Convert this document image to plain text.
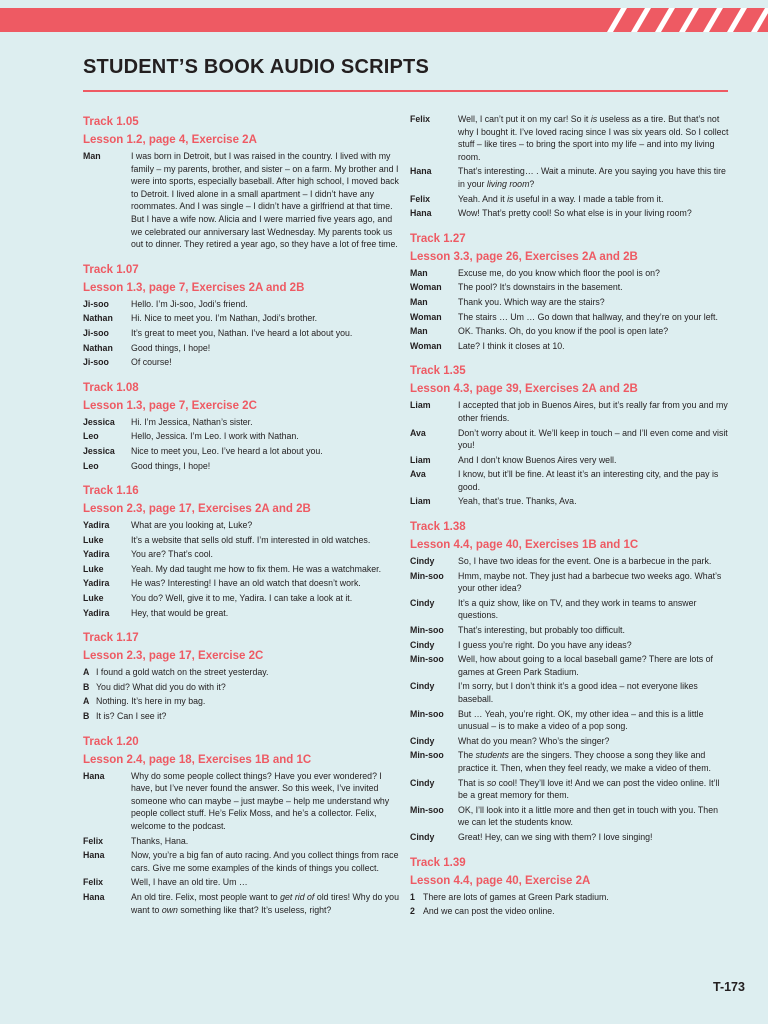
STUDENT’S BOOK AUDIO SCRIPTS
Track 1.05
Lesson 1.2, page 4, Exercise 2A
Man	I was born in Detroit, but I was raised in the country. I lived with my family – my parents, brother, and sister – on a farm. My brother and I were into sports, especially baseball. After high school, I moved back to Detroit. I lived alone in a small apartment – I didn’t have any roommates. And I was single – I didn’t have a girlfriend at that time. But I have a wife now. Alicia and I were married five years ago, and we celebrated our anniversary last Wednesday. My parents took us out to dinner. They retired a year ago, so they have a lot of free time.
Track 1.07
Lesson 1.3, page 7, Exercises 2A and 2B
Ji-soo	Hello. I’m Ji-soo, Jodi’s friend.
Nathan	Hi. Nice to meet you. I’m Nathan, Jodi’s brother.
Ji-soo	It’s great to meet you, Nathan. I’ve heard a lot about you.
Nathan	Good things, I hope!
Ji-soo	Of course!
Track 1.08
Lesson 1.3, page 7, Exercise 2C
Jessica	Hi. I’m Jessica, Nathan’s sister.
Leo	Hello, Jessica. I’m Leo. I work with Nathan.
Jessica	Nice to meet you, Leo. I’ve heard a lot about you.
Leo	Good things, I hope!
Track 1.16
Lesson 2.3, page 17, Exercises 2A and 2B
Yadira	What are you looking at, Luke?
Luke	It’s a website that sells old stuff. I’m interested in old watches.
Yadira	You are? That’s cool.
Luke	Yeah. My dad taught me how to fix them. He was a watchmaker.
Yadira	He was? Interesting! I have an old watch that doesn’t work.
Luke	You do? Well, give it to me, Yadira. I can take a look at it.
Yadira	Hey, that would be great.
Track 1.17
Lesson 2.3, page 17, Exercise 2C
A I found a gold watch on the street yesterday.
B You did? What did you do with it?
A Nothing. It’s here in my bag.
B It is? Can I see it?
Track 1.20
Lesson 2.4, page 18, Exercises 1B and 1C
Hana	Why do some people collect things? Have you ever wondered? I have, but I’ve never found the answer. So this week, I’ve invited someone who can maybe – just maybe – help me understand why people collect stuff. He’s Felix Moss, and he’s a collector. Felix, welcome to the podcast.
Felix	Thanks, Hana.
Hana	Now, you’re a big fan of auto racing. And you collect things from race cars. Give me some examples of the kinds of things you collect.
Felix	Well, I have an old tire. Um …
Hana	An old tire. Felix, most people want to get rid of old tires! Why do you want to own something like that? It’s useless, right?
Felix	Well, I can’t put it on my car! So it is useless as a tire. But that’s not why I bought it. I’ve loved racing since I was six years old. So I collect stuff – like tires – to bring the sport into my life – and into my living room.
Hana	That’s interesting… . Wait a minute. Are you saying you have this tire in your living room?
Felix	Yeah. And it is useful in a way. I made a table from it.
Hana	Wow! That’s pretty cool! So what else is in your living room?
Track 1.27
Lesson 3.3, page 26, Exercises 2A and 2B
Man	Excuse me, do you know which floor the pool is on?
Woman	The pool? It’s downstairs in the basement.
Man	Thank you. Which way are the stairs?
Woman	The stairs … Um … Go down that hallway, and they’re on your left.
Man	OK. Thanks. Oh, do you know if the pool is open late?
Woman	Late? I think it closes at 10.
Track 1.35
Lesson 4.3, page 39, Exercises 2A and 2B
Liam	I accepted that job in Buenos Aires, but it’s really far from you and my other friends.
Ava	Don’t worry about it. We’ll keep in touch – and I’ll even come and visit you!
Liam	And I don’t know Buenos Aires very well.
Ava	I know, but it’ll be fine. At least it’s an interesting city, and the pay is good.
Liam	Yeah, that’s true. Thanks, Ava.
Track 1.38
Lesson 4.4, page 40, Exercises 1B and 1C
Cindy	So, I have two ideas for the event. One is a barbecue in the park.
Min-soo	Hmm, maybe not. They just had a barbecue two weeks ago. What’s your other idea?
Cindy	It’s a quiz show, like on TV, and they work in teams to answer questions.
Min-soo	That’s interesting, but probably too difficult.
Cindy	I guess you’re right. Do you have any ideas?
Min-soo	Well, how about going to a local baseball game? There are lots of games at Green Park Stadium.
Cindy	I’m sorry, but I don’t think it’s a good idea – not everyone likes baseball.
Min-soo	But … Yeah, you’re right. OK, my other idea – and this is a little unusual – is to make a video of a pop song.
Cindy	What do you mean? Who’s the singer?
Min-soo	The students are the singers. They choose a song they like and practice it. Then, when they feel ready, we make a video of them.
Cindy	That is so cool! They’ll love it! And we can post the video online. It’ll be a great memory for them.
Min-soo	OK, I’ll look into it a little more and then get in touch with you. Then we can let the students know.
Cindy	Great! Hey, can we sing with them? I love singing!
Track 1.39
Lesson 4.4, page 40, Exercise 2A
1 There are lots of games at Green Park stadium.
2 And we can post the video online.
T-173
